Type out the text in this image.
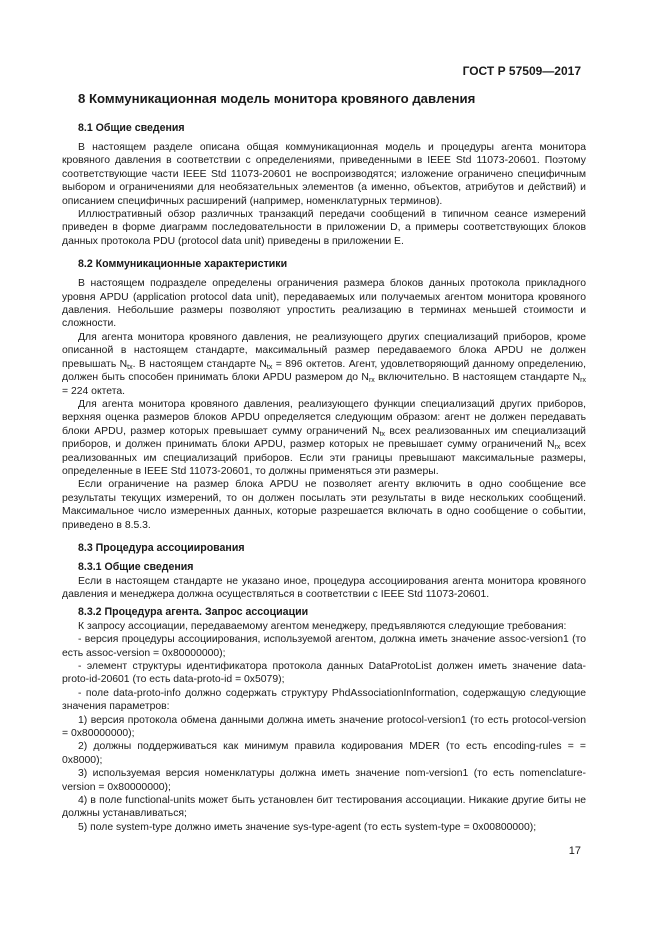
ГОСТ Р 57509—2017
8 Коммуникационная модель монитора кровяного давления
8.1 Общие сведения

В настоящем разделе описана общая коммуникационная модель и процедуры агента монитора кровяного давления в соответствии с определениями, приведенными в IEEE Std 11073-20601. Поэтому соответствующие части IEEE Std 11073-20601 не воспроизводятся; изложение ограничено специфичным выбором и ограничениями для необязательных элементов (а именно, объектов, атрибутов и действий) и описанием специфичных расширений (например, номенклатурных терминов).

Иллюстративный обзор различных транзакций передачи сообщений в типичном сеансе измерений приведен в форме диаграмм последовательности в приложении D, а примеры соответствующих блоков данных протокола PDU (protocol data unit) приведены в приложении E.

8.2 Коммуникационные характеристики

В настоящем подразделе определены ограничения размера блоков данных протокола прикладного уровня APDU (application protocol data unit), передаваемых или получаемых агентом монитора кровяного давления. Небольшие размеры позволяют упростить реализацию в терминах меньшей стоимости и сложности.

Для агента монитора кровяного давления, не реализующего других специализаций приборов, кроме описанной в настоящем стандарте, максимальный размер передаваемого блока APDU не должен превышать $N_{tx}$. В настоящем стандарте $N_{tx} = 896$ октетов. Агент, удовлетворяющий данному определению, должен быть способен принимать блоки APDU размером до $N_{rx}$ включительно. В настоящем стандарте $N_{rx} = 224$ октета.

Для агента монитора кровяного давления, реализующего функции специализаций других приборов, верхняя оценка размеров блоков APDU определяется следующим образом: агент не должен передавать блоки APDU, размер которых превышает сумму ограничений $N_{tx}$ всех реализованных им специализаций приборов, и должен принимать блоки APDU, размер которых не превышает сумму ограничений $N_{rx}$ всех реализованных им специализаций приборов. Если эти границы превышают максимальные размеры, определенные в IEEE Std 11073-20601, то должны применяться эти размеры.

Если ограничение на размер блока APDU не позволяет агенту включить в одно сообщение все результаты текущих измерений, то он должен посылать эти результаты в виде нескольких сообщений. Максимальное число измеренных данных, которые разрешается включать в одно сообщение о событии, приведено в 8.5.3.

8.3 Процедура ассоциирования
8.3.1 Общие сведения

Если в настоящем стандарте не указано иное, процедура ассоциирования агента монитора кровяного давления и менеджера должна осуществляться в соответствии с IEEE Std 11073-20601.

8.3.2 Процедура агента. Запрос ассоциации

К запросу ассоциации, передаваемому агентом менеджеру, предъявляются следующие требования:

- версия процедуры ассоциирования, используемой агентом, должна иметь значение assoc-version1 (то есть assoc-version = 0x80000000);

- элемент структуры идентификатора протокола данных DataProtoList должен иметь значение data-proto-id-20601 (то есть data-proto-id = 0x5079);

- поле data-proto-info должно содержать структуру PhdAssociationInformation, содержащую следующие значения параметров:

1) версия протокола обмена данными должна иметь значение protocol-version1 (то есть protocol-version = 0x80000000);

2) должны поддерживаться как минимум правила кодирования MDER (то есть encoding-rules = = 0x8000);

3) используемая версия номенклатуры должна иметь значение nom-version1 (то есть nomenclature-version = 0x80000000);

4) в поле functional-units может быть установлен бит тестирования ассоциации. Никакие другие биты не должны устанавливаться;

5) поле system-type должно иметь значение sys-type-agent (то есть system-type = 0x00800000);

17
